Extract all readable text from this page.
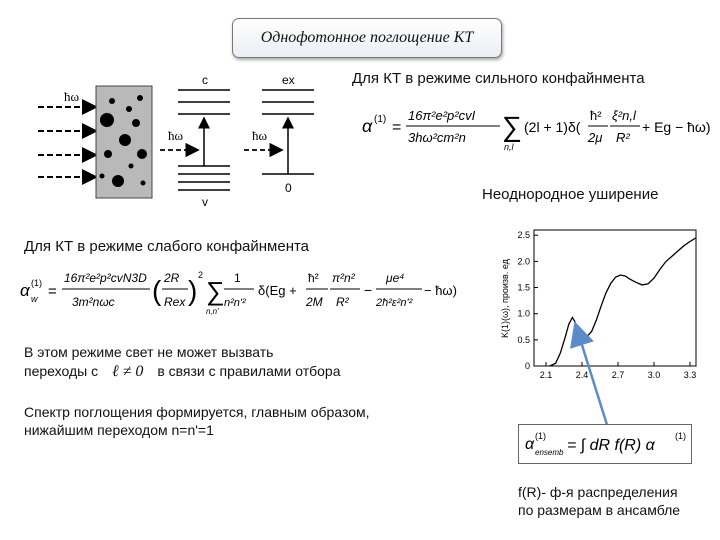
Однофотонное поглощение КТ
ħω
c
v
ħω
ex
0
ħω
Для КТ в режиме сильного конфайнмента
α (1) =
16π²e²p²cvI
3hω²cm²n ∑
n,l
(2l + 1)δ(
ħ²
2μ
ξ²n,l
R²
+ Eg − ħω)
Неоднородное уширение
Для КТ в режиме слабого конфайнмента
α (1)
w =
16π²e²p²cvN3D
3m²nωc ( 2R
Rex ) 2
∑
n,n'
1
n²n'²
δ(Eg +
ħ²
2M
π²n²
R²
−
μe⁴
2ħ²ε²n'²
− ħω)
В этом режиме свет не может вызвать
переходы с ℓ ≠ 0 в связи с правилами отбора
Спектр поглощения формируется, главным образом,
нижайшим переходом n=n'=1
2.1	2.4	2.7	3.0	3.3
0
0.5
1.0
1.5
2.0
2.5
K(1)(ω), произв. ед
α (1)
ensemb = ∫ dR f(R) α
(1)
f(R)- ф-я распределения
по размерам в ансамбле
